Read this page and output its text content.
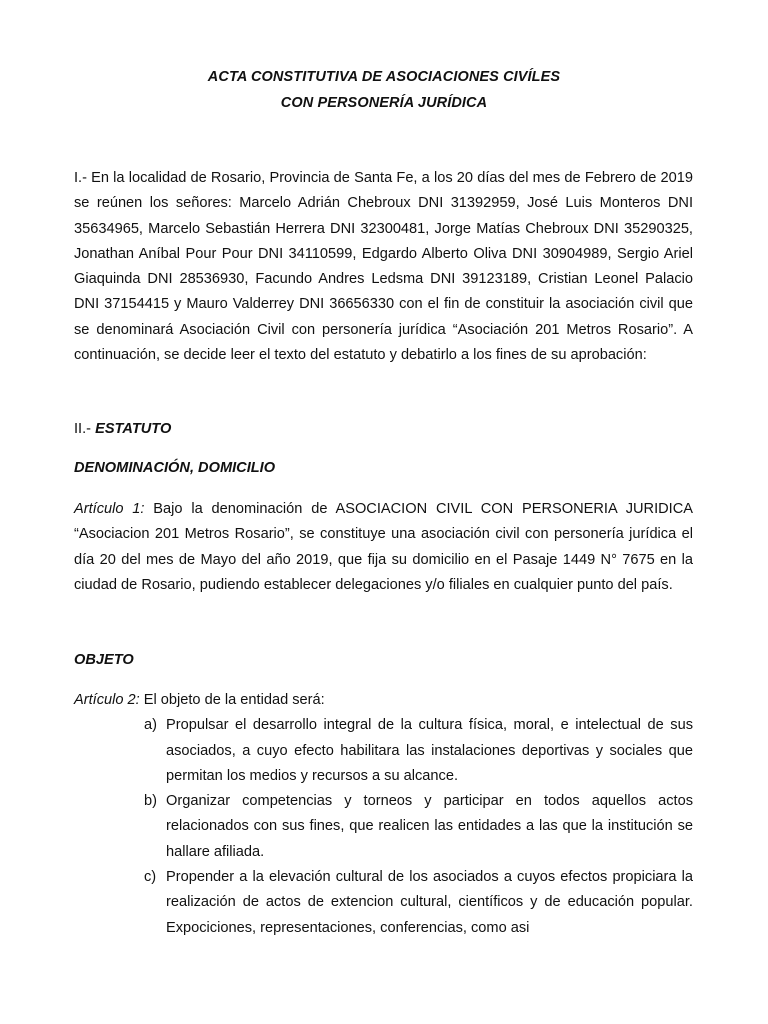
ACTA CONSTITUTIVA DE ASOCIACIONES CIVÍLES
CON PERSONERÍA JURÍDICA

I.- En la localidad de Rosario, Provincia de Santa Fe, a los 20 días del mes de Febrero de 2019 se reúnen los señores: Marcelo Adrián Chebroux DNI 31392959, José Luis Monteros DNI 35634965, Marcelo Sebastián Herrera DNI 32300481, Jorge Matías Chebroux DNI 35290325, Jonathan Aníbal Pour Pour DNI 34110599, Edgardo Alberto Oliva DNI 30904989, Sergio Ariel Giaquinda DNI 28536930, Facundo Andres Ledsma DNI 39123189, Cristian Leonel Palacio DNI 37154415 y Mauro Valderrey DNI 36656330 con el fin de constituir la asociación civil que se denominará Asociación Civil con personería jurídica “Asociación 201 Metros Rosario”. A continuación, se decide leer el texto del estatuto y debatirlo a los fines de su aprobación:

II.- ESTATUTO

DENOMINACIÓN, DOMICILIO

Artículo 1: Bajo la denominación de ASOCIACION CIVIL CON PERSONERIA JURIDICA “Asociacion 201 Metros Rosario”, se constituye una asociación civil con personería jurídica el día 20 del mes de Mayo del año 2019, que fija su domicilio en el Pasaje 1449 N° 7675 en la ciudad de Rosario, pudiendo establecer delegaciones y/o filiales en cualquier punto del país.

OBJETO

Artículo 2: El objeto de la entidad será:

a) Propulsar el desarrollo integral de la cultura física, moral, e intelectual de sus asociados, a cuyo efecto habilitara las instalaciones deportivas y sociales que permitan los medios y recursos a su alcance.
b) Organizar competencias y torneos y participar en todos aquellos actos relacionados con sus fines, que realicen las entidades a las que la institución se hallare afiliada.
c) Propender a la elevación cultural de los asociados a cuyos efectos propiciara la realización de actos de extencion cultural, científicos y de educación popular. Expociciones, representaciones, conferencias, como asi
